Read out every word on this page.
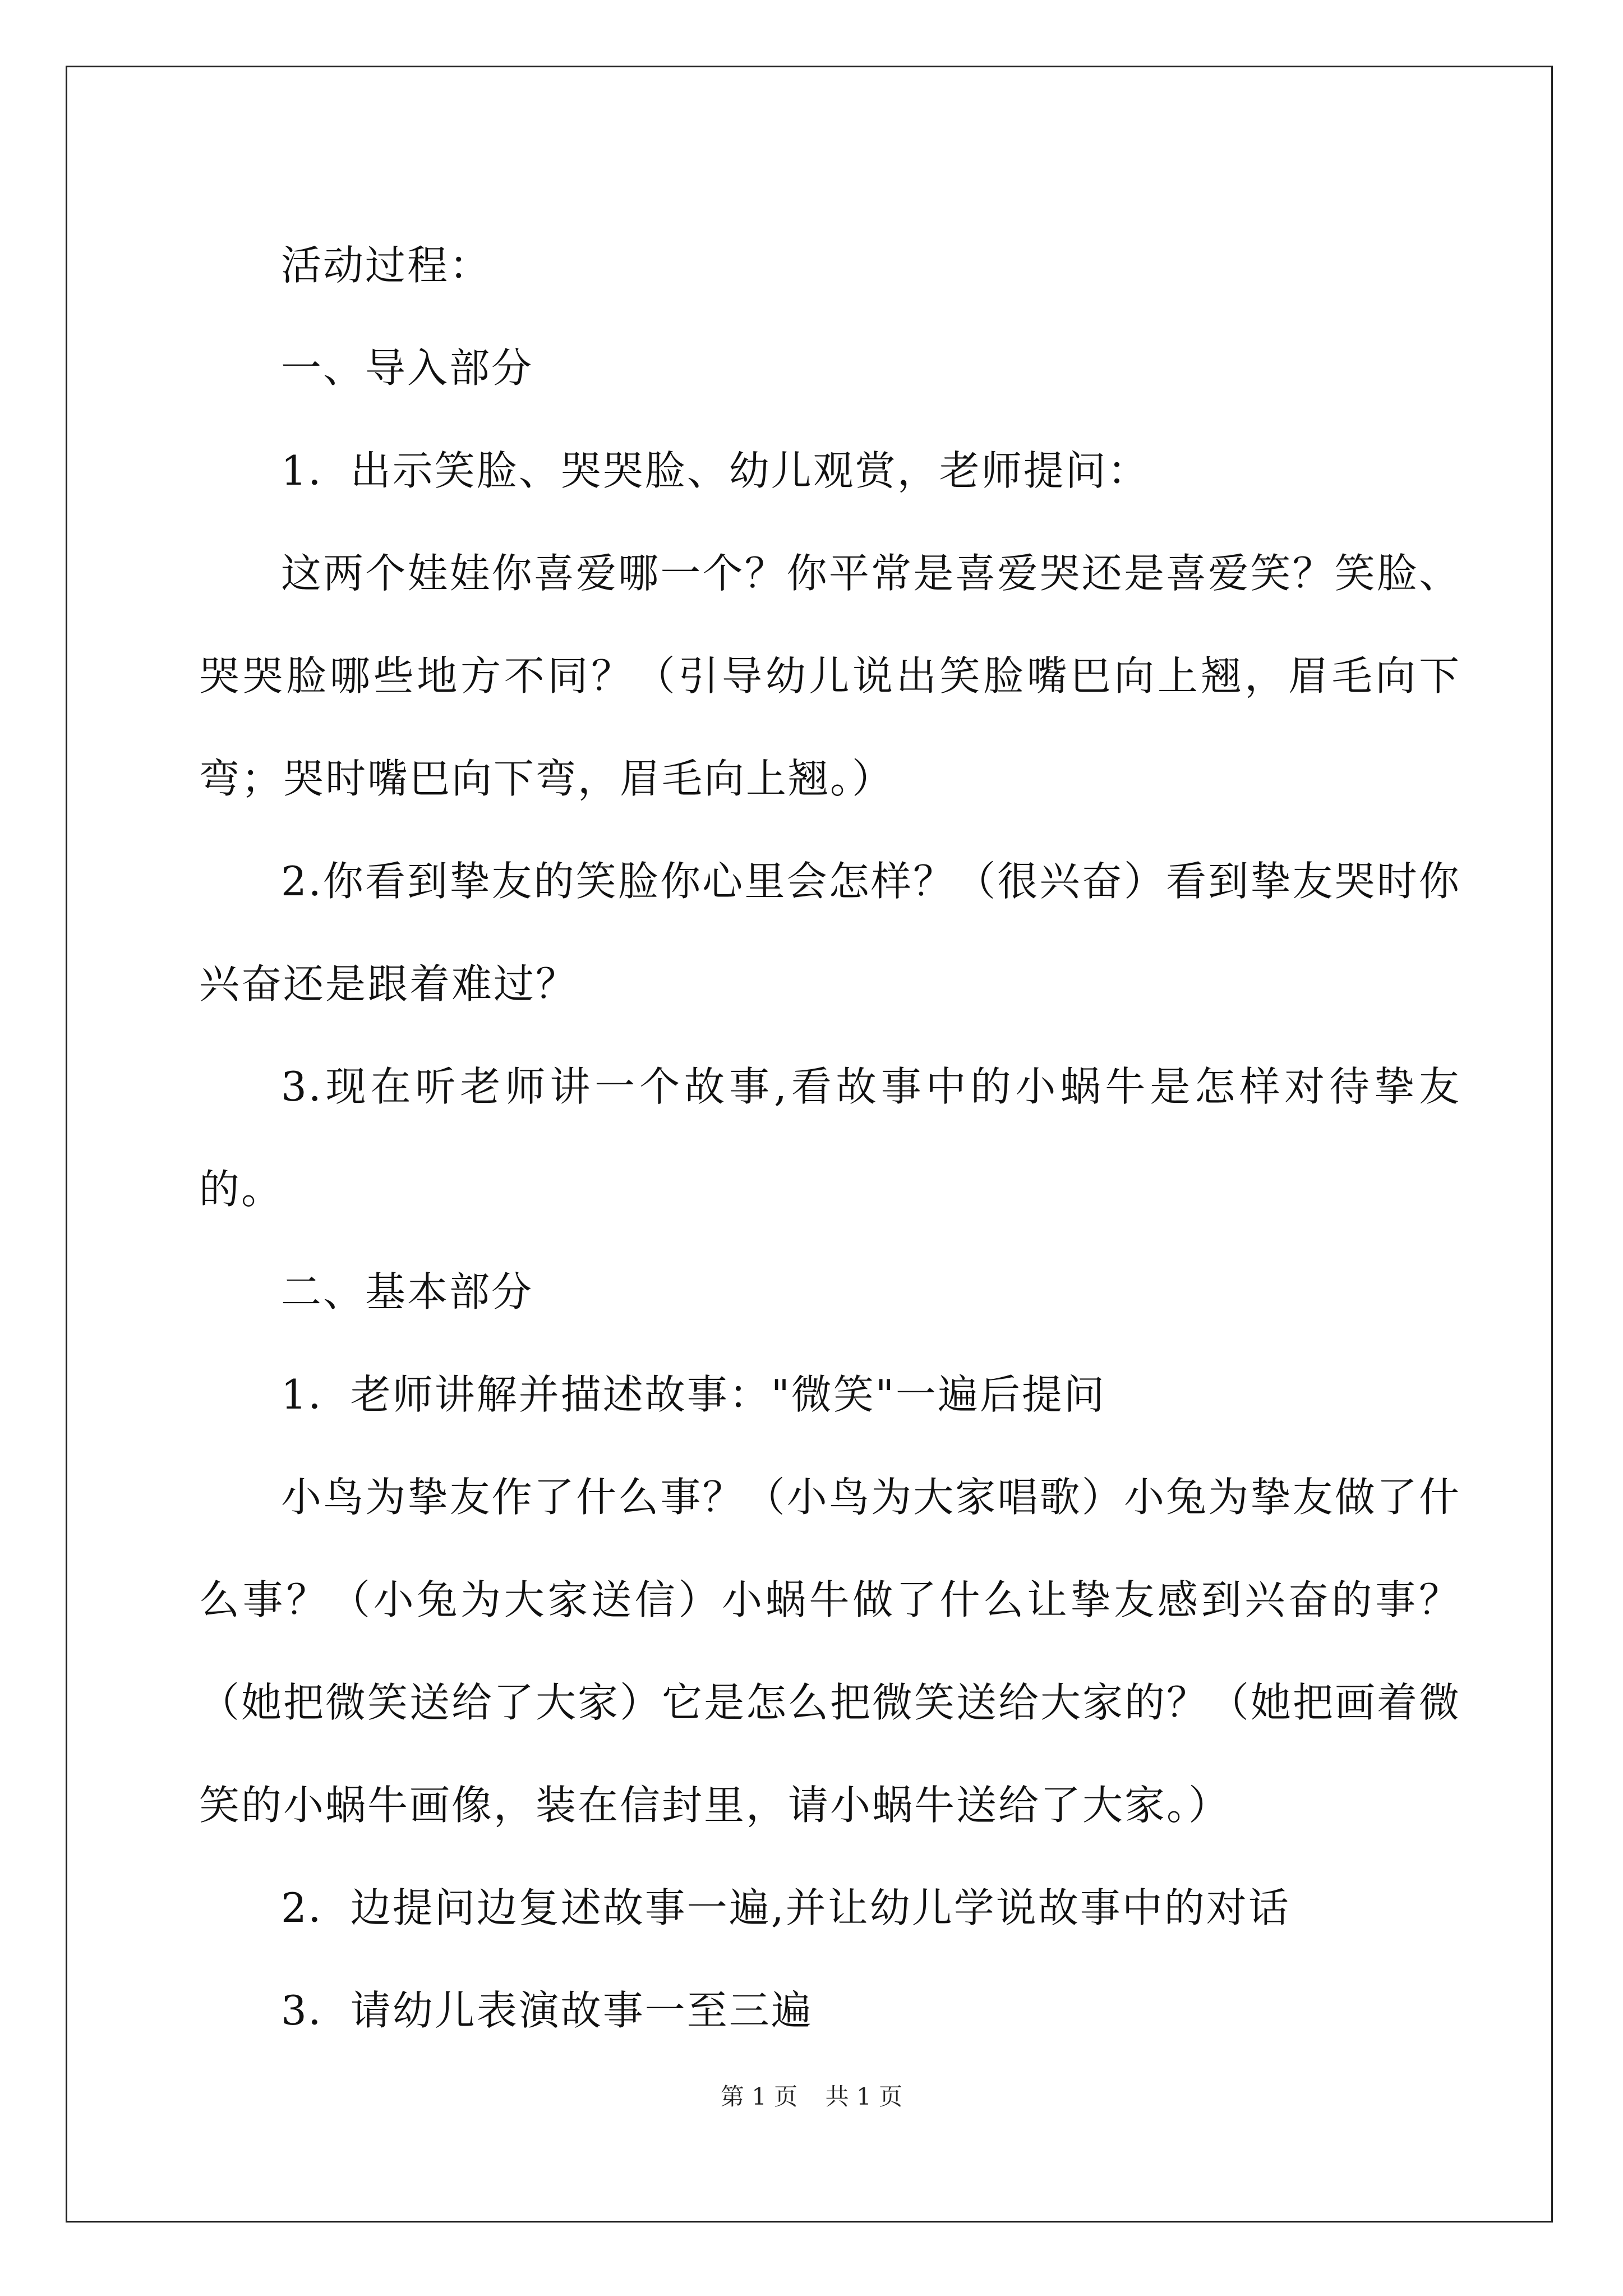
活动过程：

一、导入部分

1．出示笑脸、哭哭脸、幼儿观赏，老师提问：

这两个娃娃你喜爱哪一个？你平常是喜爱哭还是喜爱笑？笑脸、哭哭脸哪些地方不同？（引导幼儿说出笑脸嘴巴向上翘，眉毛向下弯；哭时嘴巴向下弯，眉毛向上翘。）

2.你看到挚友的笑脸你心里会怎样？（很兴奋）看到挚友哭时你兴奋还是跟着难过？

3.现在听老师讲一个故事,看故事中的小蜗牛是怎样对待挚友的。

二、基本部分

1．老师讲解并描述故事："微笑"一遍后提问

小鸟为挚友作了什么事？（小鸟为大家唱歌）小兔为挚友做了什么事？（小兔为大家送信）小蜗牛做了什么让挚友感到兴奋的事？（她把微笑送给了大家）它是怎么把微笑送给大家的？（她把画着微笑的小蜗牛画像，装在信封里，请小蜗牛送给了大家。）

2．边提问边复述故事一遍,并让幼儿学说故事中的对话

3．请幼儿表演故事一至三遍

第 1 页 共 1 页
